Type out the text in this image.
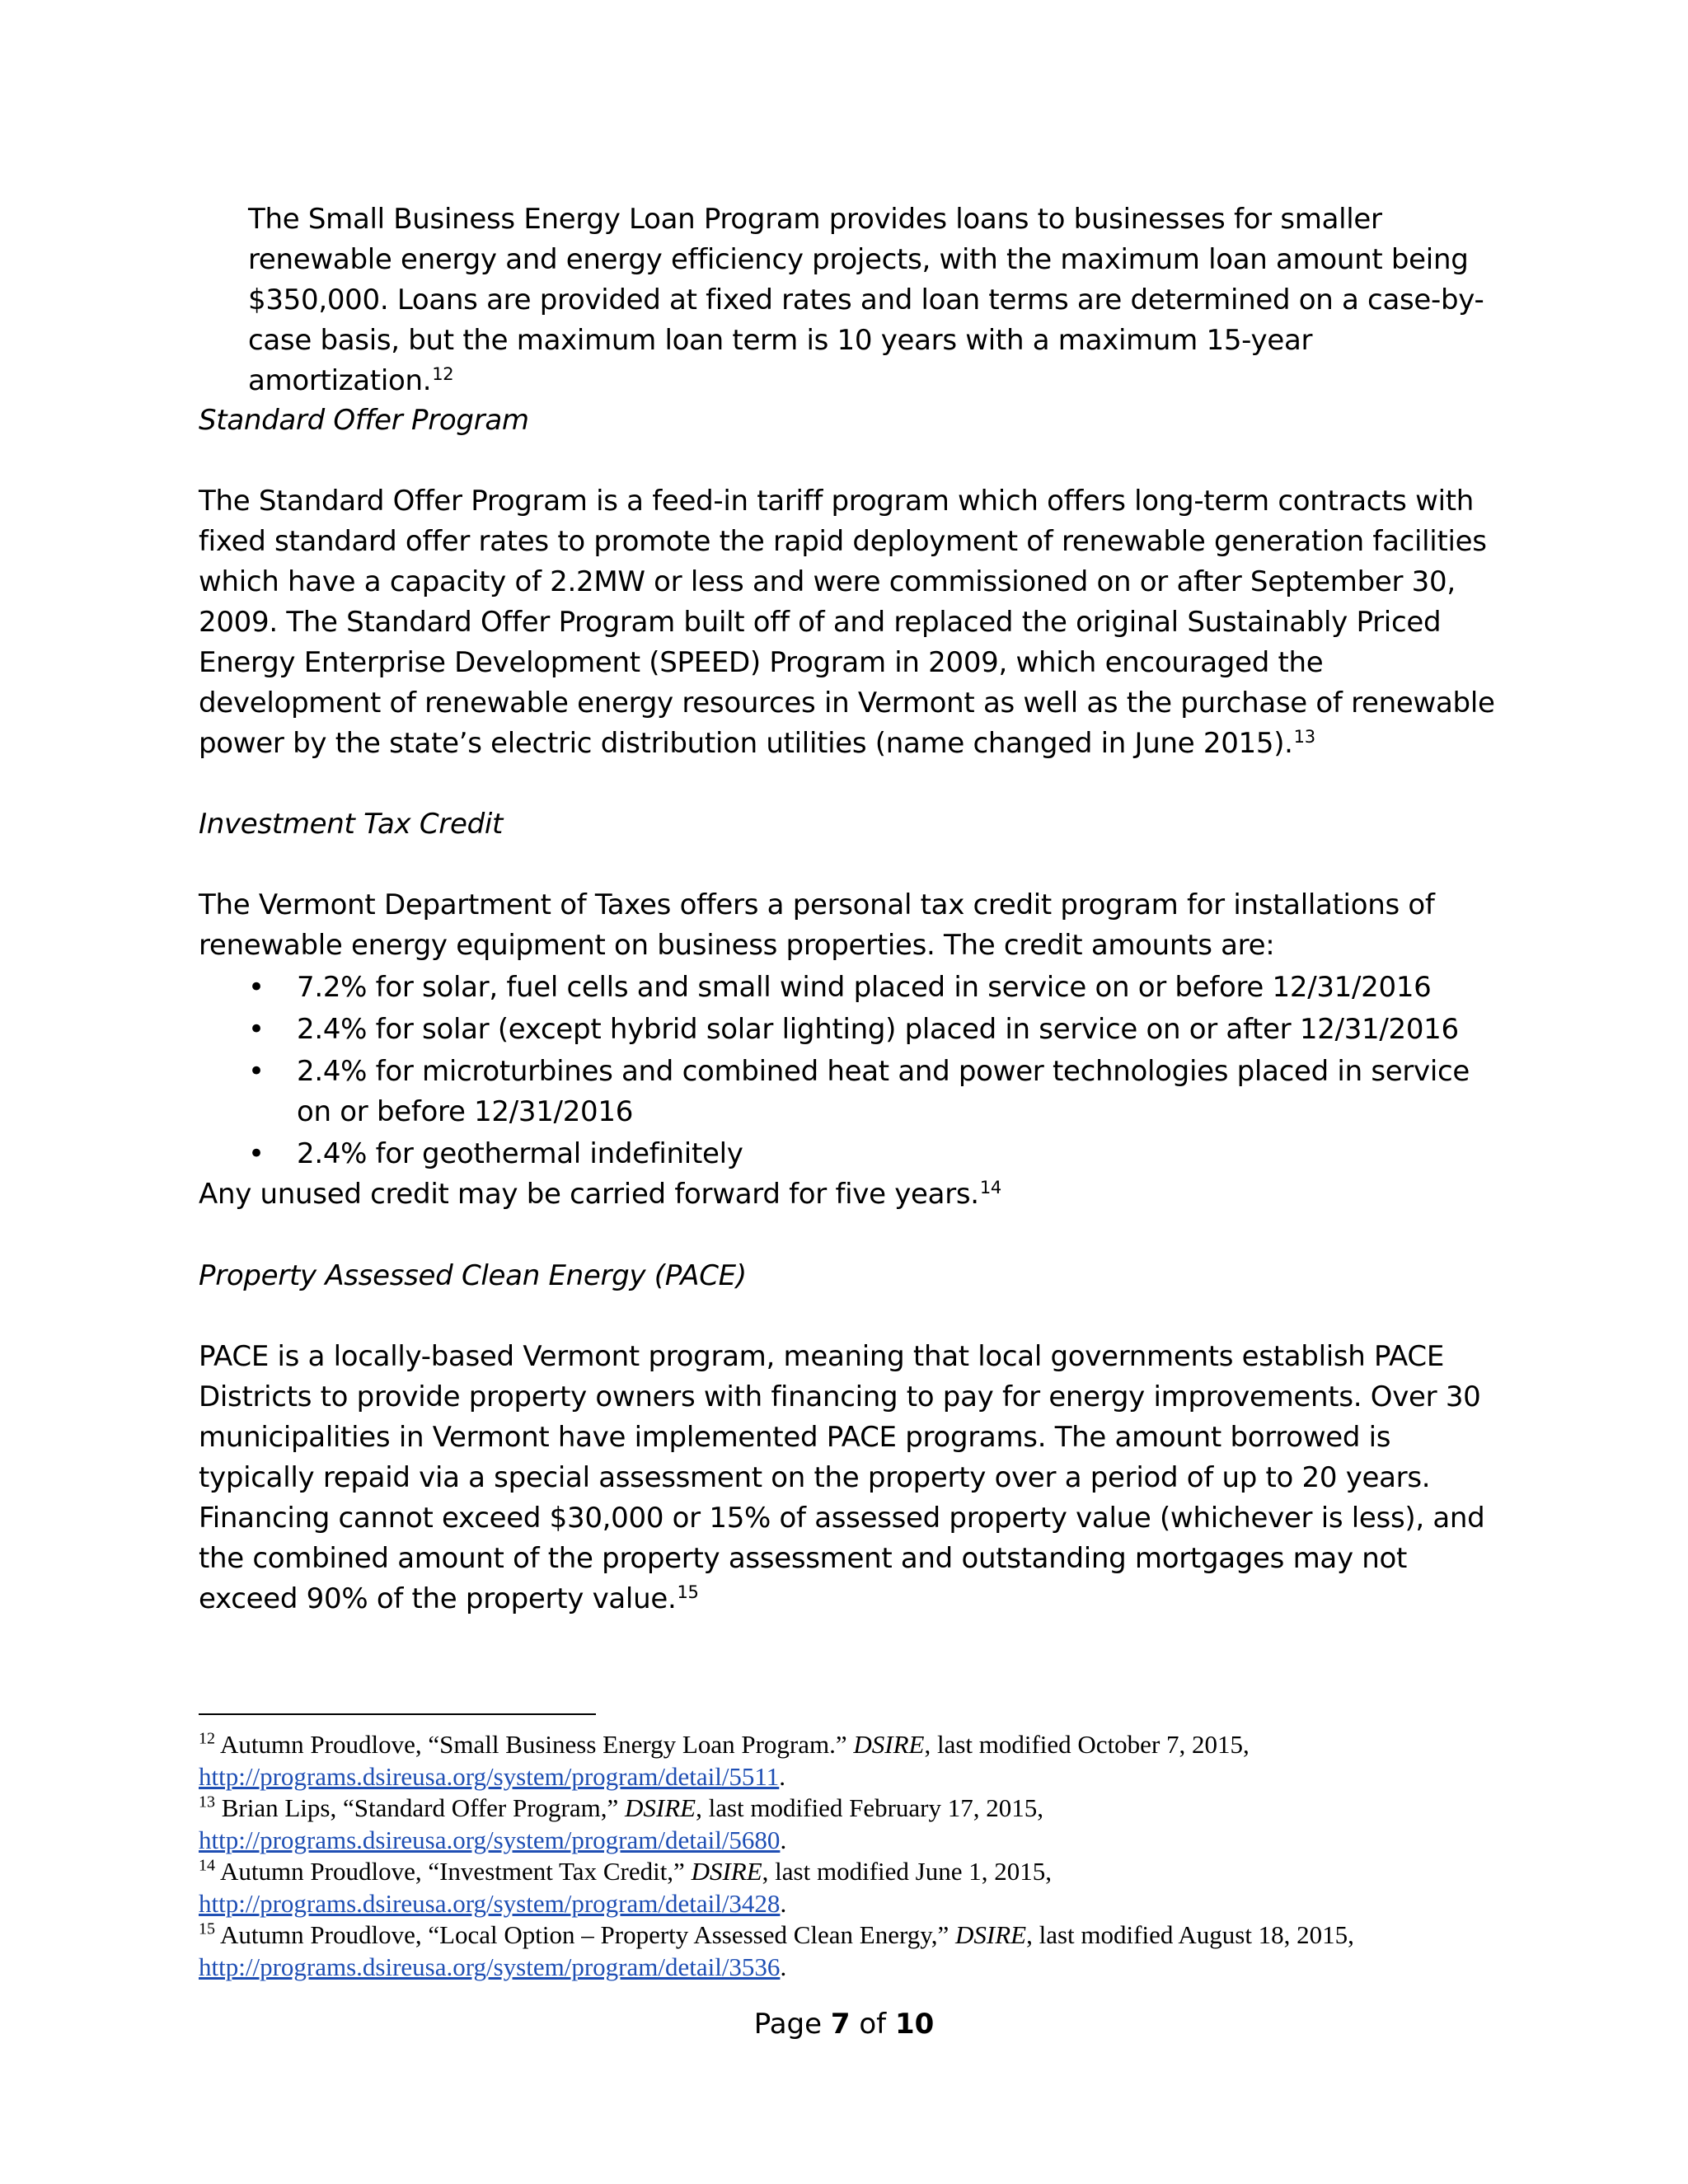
The Small Business Energy Loan Program provides loans to businesses for smaller renewable energy and energy efficiency projects, with the maximum loan amount being $350,000. Loans are provided at fixed rates and loan terms are determined on a case-by-case basis, but the maximum loan term is 10 years with a maximum 15-year amortization.$^{12}$

Standard Offer Program

The Standard Offer Program is a feed-in tariff program which offers long-term contracts with fixed standard offer rates to promote the rapid deployment of renewable generation facilities which have a capacity of 2.2MW or less and were commissioned on or after September 30, 2009. The Standard Offer Program built off of and replaced the original Sustainably Priced Energy Enterprise Development (SPEED) Program in 2009, which encouraged the development of renewable energy resources in Vermont as well as the purchase of renewable power by the state’s electric distribution utilities (name changed in June 2015).$^{13}$

Investment Tax Credit

The Vermont Department of Taxes offers a personal tax credit program for installations of renewable energy equipment on business properties. The credit amounts are:

• 7.2% for solar, fuel cells and small wind placed in service on or before 12/31/2016
• 2.4% for solar (except hybrid solar lighting) placed in service on or after 12/31/2016
• 2.4% for microturbines and combined heat and power technologies placed in service on or before 12/31/2016
• 2.4% for geothermal indefinitely

Any unused credit may be carried forward for five years.$^{14}$

Property Assessed Clean Energy (PACE)

PACE is a locally-based Vermont program, meaning that local governments establish PACE Districts to provide property owners with financing to pay for energy improvements. Over 30 municipalities in Vermont have implemented PACE programs. The amount borrowed is typically repaid via a special assessment on the property over a period of up to 20 years. Financing cannot exceed $30,000 or 15% of assessed property value (whichever is less), and the combined amount of the property assessment and outstanding mortgages may not exceed 90% of the property value.$^{15}$

$^{12}$ Autumn Proudlove, “Small Business Energy Loan Program.” DSIRE, last modified October 7, 2015,
http://programs.dsireusa.org/system/program/detail/5511.

$^{13}$ Brian Lips, “Standard Offer Program,” DSIRE, last modified February 17, 2015,
http://programs.dsireusa.org/system/program/detail/5680.

$^{14}$ Autumn Proudlove, “Investment Tax Credit,” DSIRE, last modified June 1, 2015,
http://programs.dsireusa.org/system/program/detail/3428.

$^{15}$ Autumn Proudlove, “Local Option – Property Assessed Clean Energy,” DSIRE, last modified August 18, 2015,
http://programs.dsireusa.org/system/program/detail/3536.

Page 7 of 10
